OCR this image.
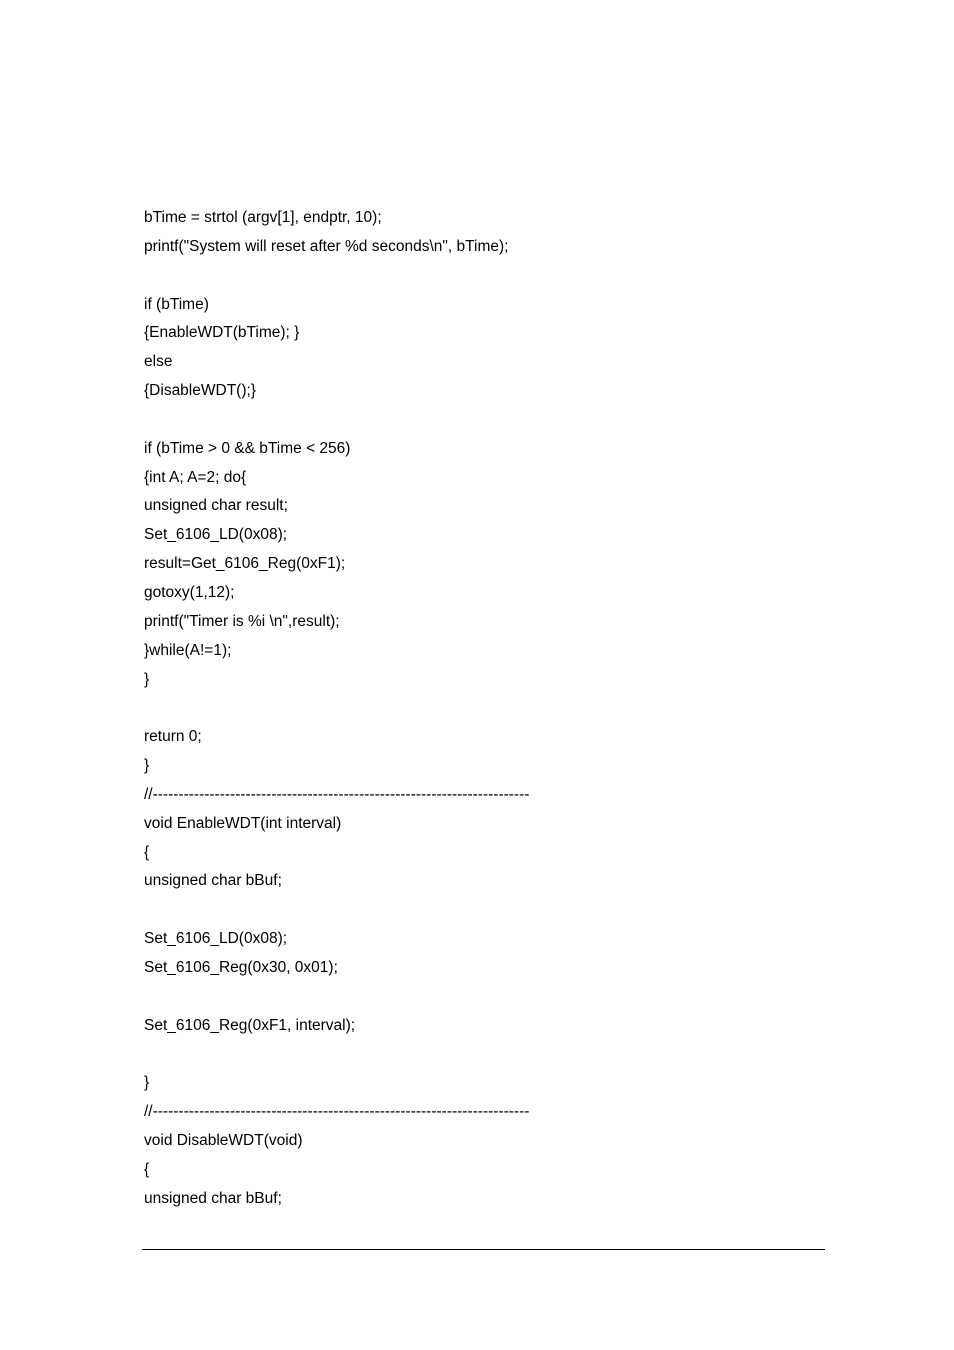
bTime = strtol (argv[1], endptr, 10);
printf("System will reset after %d seconds\n", bTime);
if (bTime)
{EnableWDT(bTime); }
else
{DisableWDT();}
if (bTime > 0 && bTime < 256)
{int A; A=2; do{
unsigned char result;
Set_6106_LD(0x08);
result=Get_6106_Reg(0xF1);
gotoxy(1,12);
printf("Timer is %i \n",result);
}while(A!=1);
}
return 0;
}
//-------------------------------------------------------------------------
void EnableWDT(int interval)
{
unsigned char bBuf;
Set_6106_LD(0x08);
Set_6106_Reg(0x30, 0x01);
Set_6106_Reg(0xF1, interval);
}
//-------------------------------------------------------------------------
void DisableWDT(void)
{
unsigned char bBuf;
